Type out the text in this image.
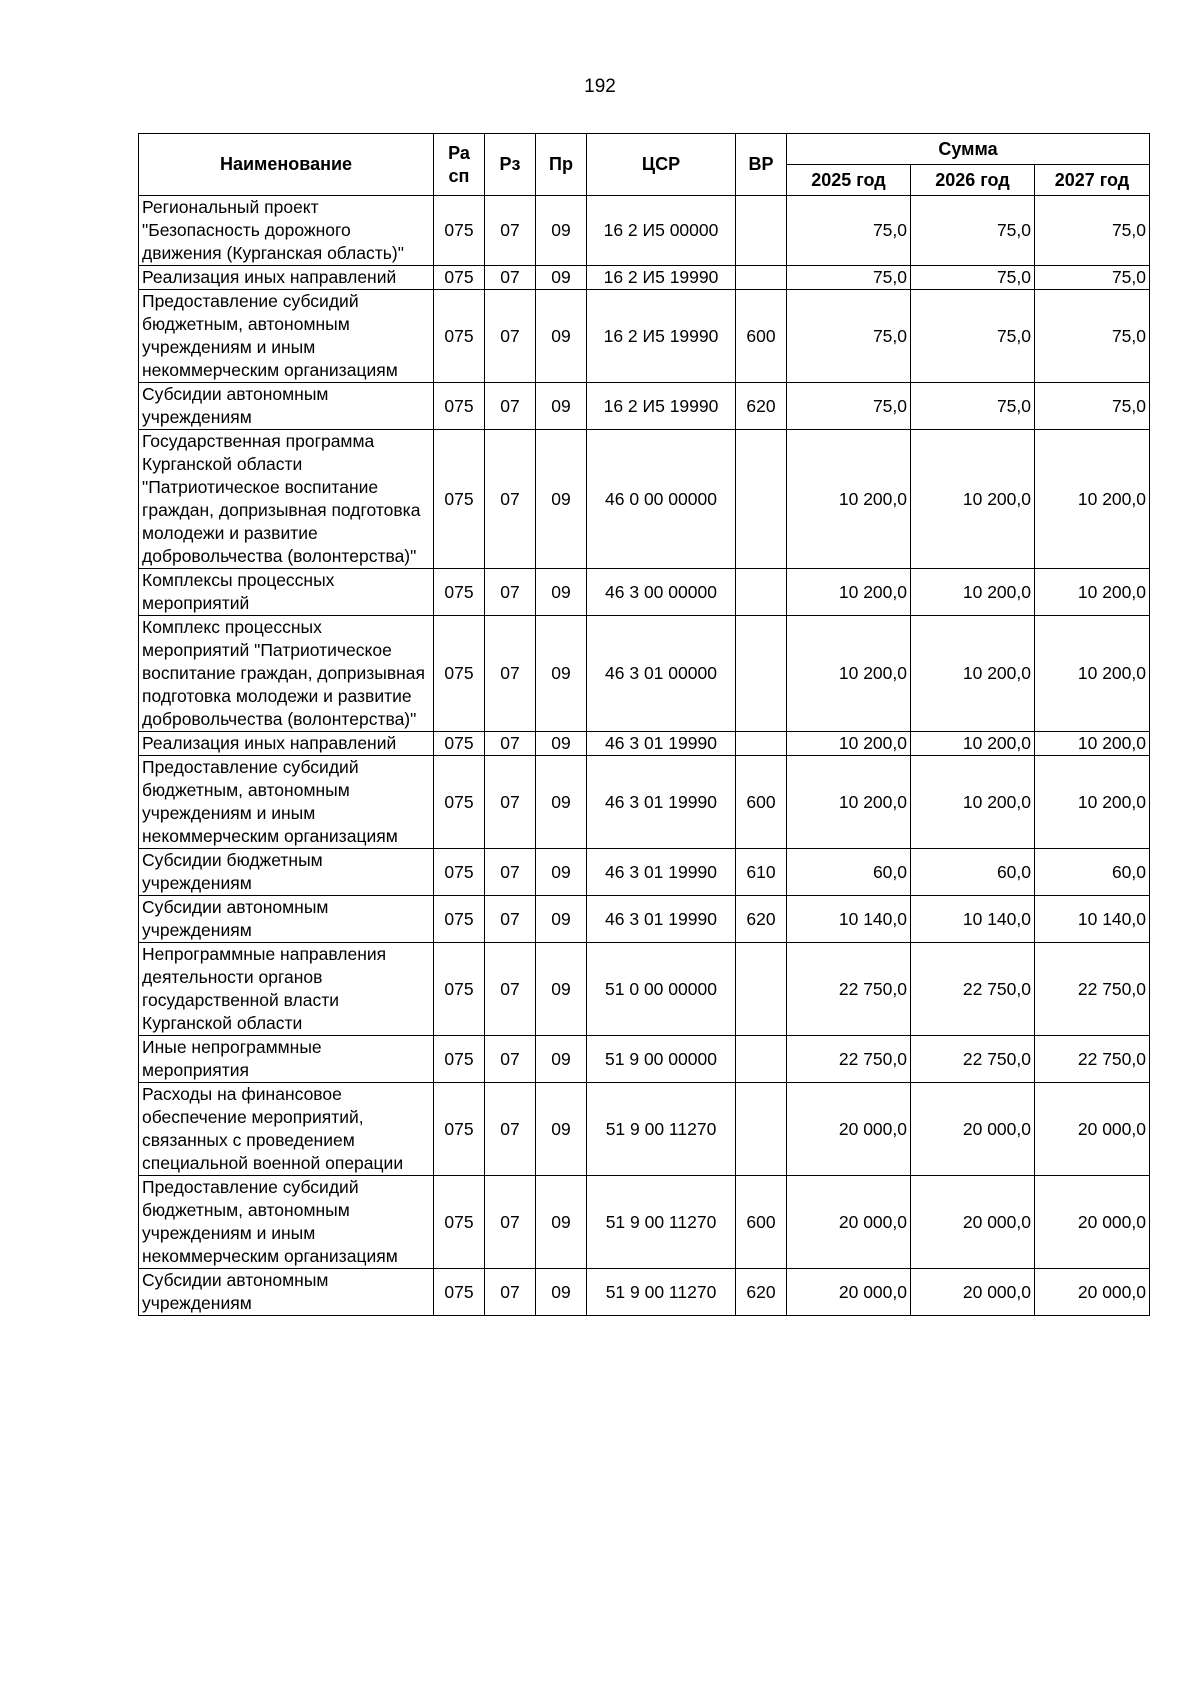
192
Наименование	Ра сп	Рз	Пр	ЦСР	ВР	Сумма		
						2025 год	2026 год	2027 год
Региональный проект "Безопасность дорожного движения (Курганская область)"	075	07	09	16 2 И5 00000		75,0	75,0	75,0
Реализация иных направлений	075	07	09	16 2 И5 19990		75,0	75,0	75,0
Предоставление субсидий бюджетным, автономным учреждениям и иным некоммерческим организациям	075	07	09	16 2 И5 19990	600	75,0	75,0	75,0
Субсидии автономным учреждениям	075	07	09	16 2 И5 19990	620	75,0	75,0	75,0
Государственная программа Курганской области "Патриотическое воспитание граждан, допризывная подготовка молодежи и развитие добровольчества (волонтерства)"	075	07	09	46 0 00 00000		10 200,0	10 200,0	10 200,0
Комплексы процессных мероприятий	075	07	09	46 3 00 00000		10 200,0	10 200,0	10 200,0
Комплекс процессных мероприятий "Патриотическое воспитание граждан, допризывная подготовка молодежи и развитие добровольчества (волонтерства)"	075	07	09	46 3 01 00000		10 200,0	10 200,0	10 200,0
Реализация иных направлений	075	07	09	46 3 01 19990		10 200,0	10 200,0	10 200,0
Предоставление субсидий бюджетным, автономным учреждениям и иным некоммерческим организациям	075	07	09	46 3 01 19990	600	10 200,0	10 200,0	10 200,0
Субсидии бюджетным учреждениям	075	07	09	46 3 01 19990	610	60,0	60,0	60,0
Субсидии автономным учреждениям	075	07	09	46 3 01 19990	620	10 140,0	10 140,0	10 140,0
Непрограммные направления деятельности органов государственной власти Курганской области	075	07	09	51 0 00 00000		22 750,0	22 750,0	22 750,0
Иные непрограммные мероприятия	075	07	09	51 9 00 00000		22 750,0	22 750,0	22 750,0
Расходы на финансовое обеспечение мероприятий, связанных с проведением специальной военной операции	075	07	09	51 9 00 11270		20 000,0	20 000,0	20 000,0
Предоставление субсидий бюджетным, автономным учреждениям и иным некоммерческим организациям	075	07	09	51 9 00 11270	600	20 000,0	20 000,0	20 000,0
Субсидии автономным учреждениям	075	07	09	51 9 00 11270	620	20 000,0	20 000,0	20 000,0
